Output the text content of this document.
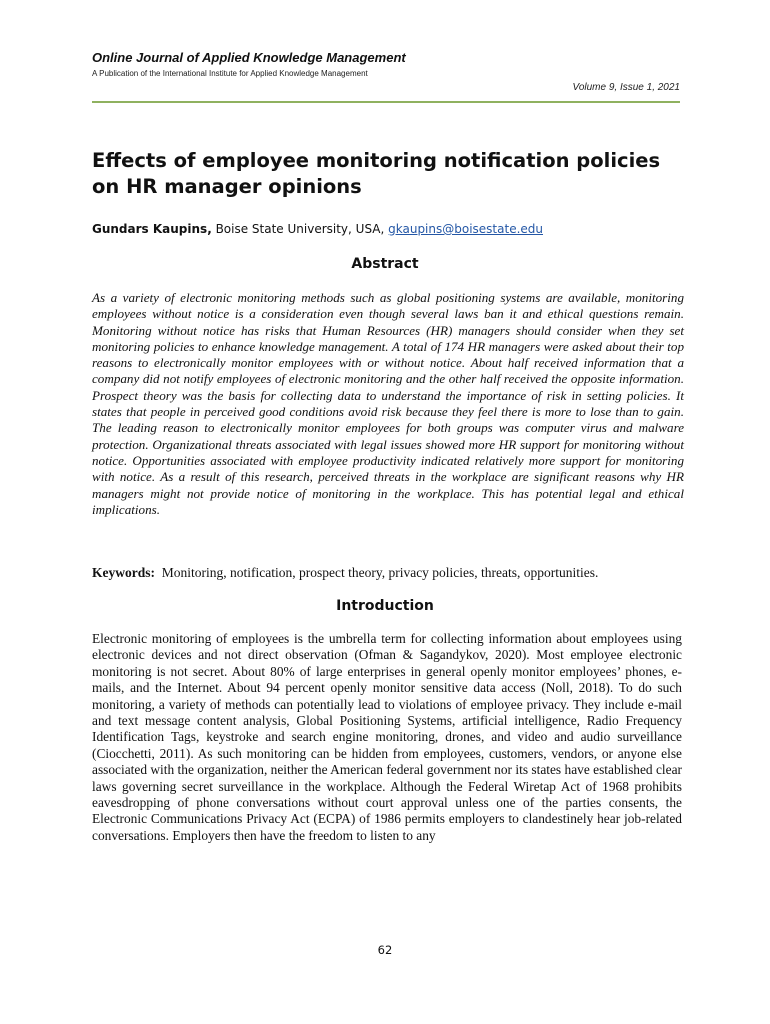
Online Journal of Applied Knowledge Management
A Publication of the International Institute for Applied Knowledge Management
Volume 9, Issue 1, 2021
Effects of employee monitoring notification policies on HR manager opinions
Gundars Kaupins, Boise State University, USA, gkaupins@boisestate.edu
Abstract

As a variety of electronic monitoring methods such as global positioning systems are available, monitoring employees without notice is a consideration even though several laws ban it and ethical questions remain. Monitoring without notice has risks that Human Resources (HR) managers should consider when they set monitoring policies to enhance knowledge management. A total of 174 HR managers were asked about their top reasons to electronically monitor employees with or without notice. About half received information that a company did not notify employees of electronic monitoring and the other half received the opposite information. Prospect theory was the basis for collecting data to understand the importance of risk in setting policies. It states that people in perceived good conditions avoid risk because they feel there is more to lose than to gain. The leading reason to electronically monitor employees for both groups was computer virus and malware protection. Organizational threats associated with legal issues showed more HR support for monitoring without notice. Opportunities associated with employee productivity indicated relatively more support for monitoring with notice. As a result of this research, perceived threats in the workplace are significant reasons why HR managers might not provide notice of monitoring in the workplace. This has potential legal and ethical implications.

Keywords: Monitoring, notification, prospect theory, privacy policies, threats, opportunities.

Introduction

Electronic monitoring of employees is the umbrella term for collecting information about employees using electronic devices and not direct observation (Ofman & Sagandykov, 2020). Most employee electronic monitoring is not secret. About 80% of large enterprises in general openly monitor employees’ phones, e-mails, and the Internet. About 94 percent openly monitor sensitive data access (Noll, 2018). To do such monitoring, a variety of methods can potentially lead to violations of employee privacy. They include e-mail and text message content analysis, Global Positioning Systems, artificial intelligence, Radio Frequency Identification Tags, keystroke and search engine monitoring, drones, and video and audio surveillance (Ciocchetti, 2011). As such monitoring can be hidden from employees, customers, vendors, or anyone else associated with the organization, neither the American federal government nor its states have established clear laws governing secret surveillance in the workplace. Although the Federal Wiretap Act of 1968 prohibits eavesdropping of phone conversations without court approval unless one of the parties consents, the Electronic Communications Privacy Act (ECPA) of 1986 permits employers to clandestinely hear job-related conversations. Employers then have the freedom to listen to any

62
